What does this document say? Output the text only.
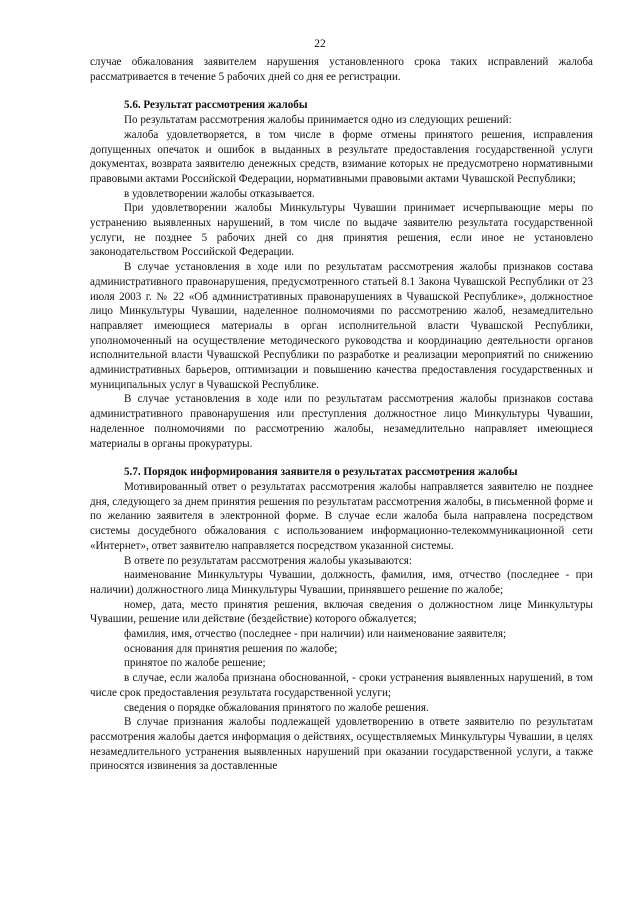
22

случае обжалования заявителем нарушения установленного срока таких исправлений жалоба рассматривается в течение 5 рабочих дней со дня ее регистрации.

5.6. Результат рассмотрения жалобы

По результатам рассмотрения жалобы принимается одно из следующих решений:

жалоба удовлетворяется, в том числе в форме отмены принятого решения, исправления допущенных опечаток и ошибок в выданных в результате предоставления государственной услуги документах, возврата заявителю денежных средств, взимание которых не предусмотрено нормативными правовыми актами Российской Федерации, нормативными правовыми актами Чувашской Республики;

в удовлетворении жалобы отказывается.

При удовлетворении жалобы Минкультуры Чувашии принимает исчерпывающие меры по устранению выявленных нарушений, в том числе по выдаче заявителю результата государственной услуги, не позднее 5 рабочих дней со дня принятия решения, если иное не установлено законодательством Российской Федерации.

В случае установления в ходе или по результатам рассмотрения жалобы признаков состава административного правонарушения, предусмотренного статьей 8.1 Закона Чувашской Республики от 23 июля 2003 г. № 22 «Об административных правонарушениях в Чувашской Республике», должностное лицо Минкультуры Чувашии, наделенное полномочиями по рассмотрению жалоб, незамедлительно направляет имеющиеся материалы в орган исполнительной власти Чувашской Республики, уполномоченный на осуществление методического руководства и координацию деятельности органов исполнительной власти Чувашской Республики по разработке и реализации мероприятий по снижению административных барьеров, оптимизации и повышению качества предоставления государственных и муниципальных услуг в Чувашской Республике.

В случае установления в ходе или по результатам рассмотрения жалобы признаков состава административного правонарушения или преступления должностное лицо Минкультуры Чувашии, наделенное полномочиями по рассмотрению жалобы, незамедлительно направляет имеющиеся материалы в органы прокуратуры.

5.7. Порядок информирования заявителя о результатах рассмотрения жалобы

Мотивированный ответ о результатах рассмотрения жалобы направляется заявителю не позднее дня, следующего за днем принятия решения по результатам рассмотрения жалобы, в письменной форме и по желанию заявителя в электронной форме. В случае если жалоба была направлена посредством системы досудебного обжалования с использованием информационно-телекоммуникационной сети «Интернет», ответ заявителю направляется посредством указанной системы.

В ответе по результатам рассмотрения жалобы указываются:

наименование Минкультуры Чувашии, должность, фамилия, имя, отчество (последнее - при наличии) должностного лица Минкультуры Чувашии, принявшего решение по жалобе;

номер, дата, место принятия решения, включая сведения о должностном лице Минкультуры Чувашии, решение или действие (бездействие) которого обжалуется;

фамилия, имя, отчество (последнее - при наличии) или наименование заявителя;

основания для принятия решения по жалобе;

принятое по жалобе решение;

в случае, если жалоба признана обоснованной, - сроки устранения выявленных нарушений, в том числе срок предоставления результата государственной услуги;

сведения о порядке обжалования принятого по жалобе решения.

В случае признания жалобы подлежащей удовлетворению в ответе заявителю по результатам рассмотрения жалобы дается информация о действиях, осуществляемых Минкультуры Чувашии, в целях незамедлительного устранения выявленных нарушений при оказании государственной услуги, а также приносятся извинения за доставленные
